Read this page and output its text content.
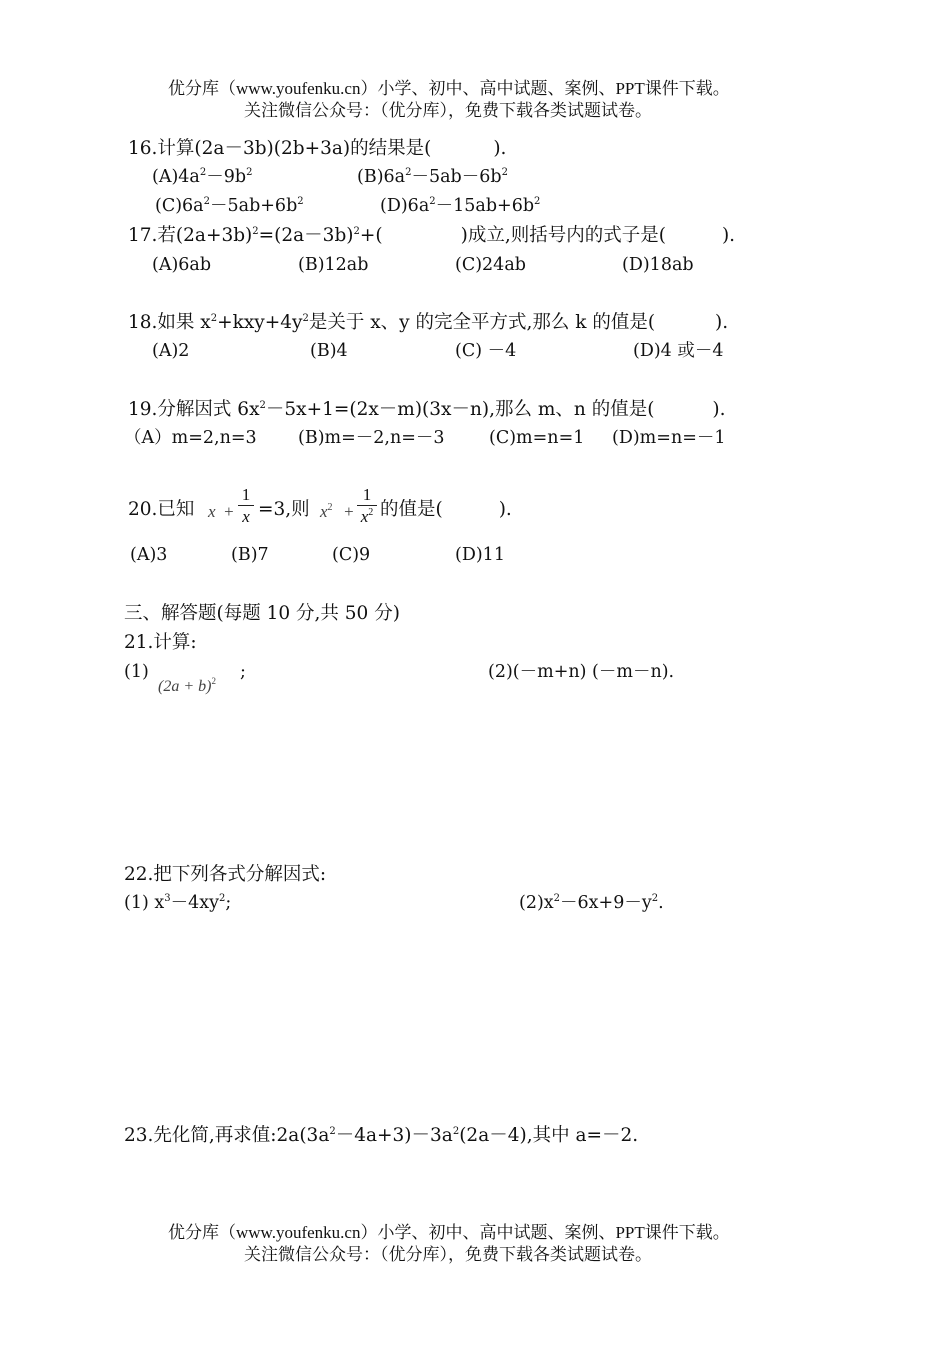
优分库（www.youfenku.cn）小学、初中、高中试题、案例、PPT课件下载。
关注微信公众号：（优分库），免费下载各类试题试卷。
16.计算(2a－3b)(2b+3a)的结果是(	).
$(A)4a^2-9b^2$	$(B)6a^2-5ab-6b^2$
$(C)6a^2-5ab+6b^2$	$(D)6a^2-15ab+6b^2$
17.若$(2a+3b)^2=(2a-3b)^2+$(	)成立,则括号内的式子是(	).
(A)6ab	(B)12ab	(C)24ab	(D)18ab
18.如果 $x^2+kxy+4y^2$是关于 x、y 的完全平方式,那么 k 的值是(	).
(A)2	(B)4	(C) －4	(D)4 或－4
19.分解因式 $6x^2-5x+1=(2x-m)(3x-n)$,那么 m、n 的值是(	).
（A）m=2,n=3 (B)m=－2,n=－3	(C)m=n=1 (D)m=n=－1
20.已知 x +
1
x =3,则 $x^2$ +
1
$x^2$ 的值是(	).
(A)3	(B)7	(C)9	(D)11
三、解答题(每题 10 分,共 50 分)
21.计算:
(1)
$(2a + b)^2$ ;	(2)(－m+n) (－m－n).
22.把下列各式分解因式:
(1) $x^3-4xy^2$;	$(2)x^2-6x+9-y^2$.
23.先化简,再求值$:2a(3a^2-4a+3)-3a^2(2a-4)$,其中 a=－2.
优分库（www.youfenku.cn）小学、初中、高中试题、案例、PPT课件下载。
关注微信公众号：（优分库），免费下载各类试题试卷。
